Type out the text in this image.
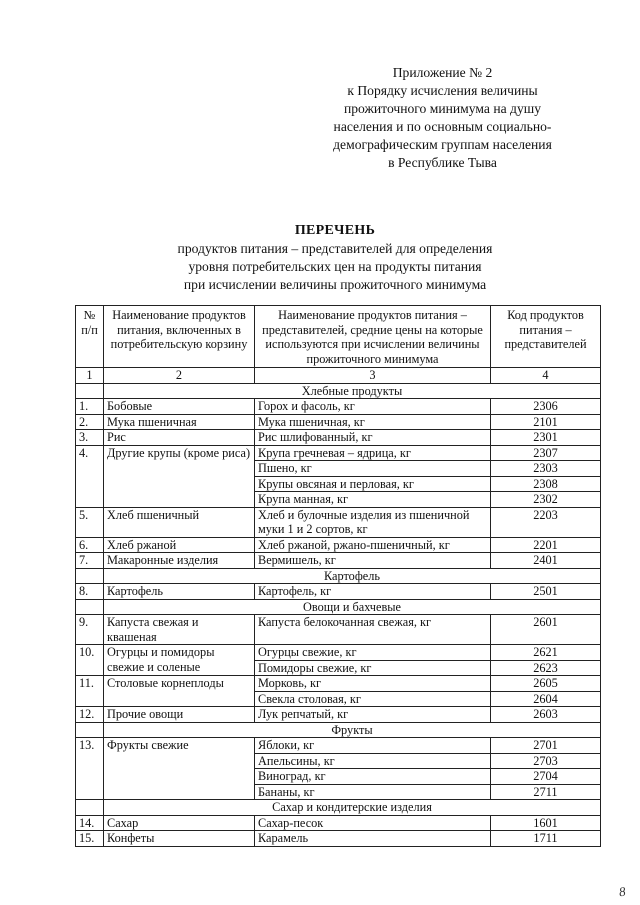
Приложение № 2
к Порядку исчисления величины
прожиточного минимума на душу
населения и по основным социально-
демографическим группам населения
в Республике Тыва
ПЕРЕЧЕНЬ
продуктов питания – представителей для определения
уровня потребительских цен на продукты питания
при исчислении величины прожиточного минимума
№ п/п	Наименование продуктов питания, включенных в потребительскую корзину	Наименование продуктов питания – представителей, средние цены на которые используются при исчислении величины прожиточного минимума	Код продуктов питания – представителей
1	2	3	4
	Хлебные продукты		
1.	Бобовые	Горох и фасоль, кг	2306
2.	Мука пшеничная	Мука пшеничная, кг	2101
3.	Рис	Рис шлифованный, кг	2301
4.	Другие крупы (кроме риса)	Крупа гречневая – ядрица, кг	2307
		Пшено, кг	2303
		Крупы овсяная и перловая, кг	2308
		Крупа манная, кг	2302
5.	Хлеб пшеничный	Хлеб и булочные изделия из пшеничной муки 1 и 2 сортов, кг	2203
6.	Хлеб ржаной	Хлеб ржаной, ржано-пшеничный, кг	2201
7.	Макаронные изделия	Вермишель, кг	2401
	Картофель		
8.	Картофель	Картофель, кг	2501
	Овощи и бахчевые		
9.	Капуста свежая и квашеная	Капуста белокочанная свежая, кг	2601
10.	Огурцы и помидоры свежие и соленые	Огурцы свежие, кг	2621
		Помидоры свежие, кг	2623
11.	Столовые корнеплоды	Морковь, кг	2605
		Свекла столовая, кг	2604
12.	Прочие овощи	Лук репчатый, кг	2603
	Фрукты		
13.	Фрукты свежие	Яблоки, кг	2701
		Апельсины, кг	2703
		Виноград, кг	2704
		Бананы, кг	2711
	Сахар и кондитерские изделия		
14.	Сахар	Сахар-песок	1601
15.	Конфеты	Карамель	1711
8
